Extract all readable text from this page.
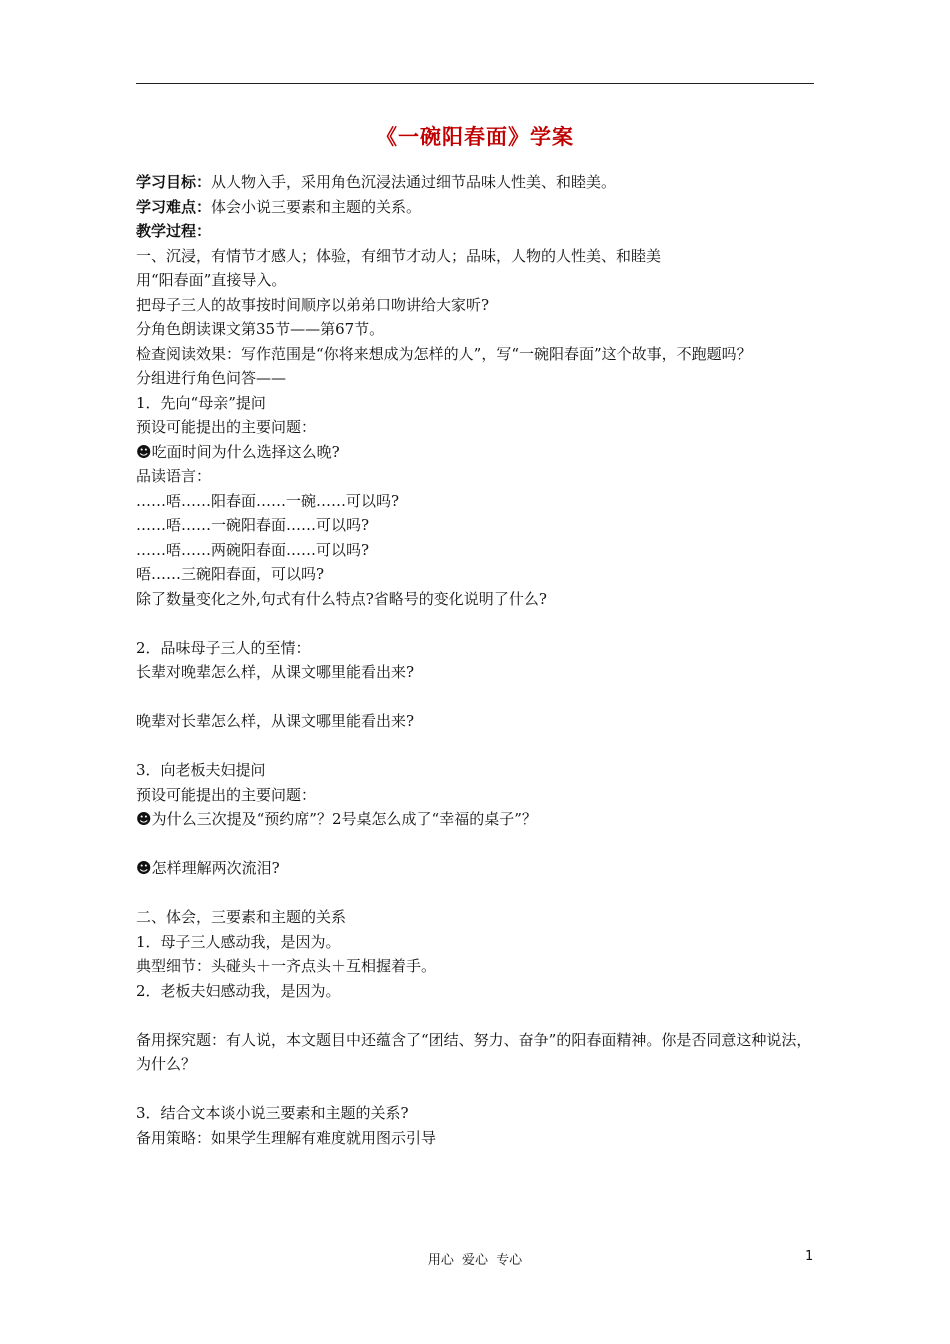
《一碗阳春面》学案
学习目标：从人物入手，采用角色沉浸法通过细节品味人性美、和睦美。
学习难点：体会小说三要素和主题的关系。
教学过程：
一、沉浸，有情节才感人；体验，有细节才动人；品味，人物的人性美、和睦美
用“阳春面”直接导入。
把母子三人的故事按时间顺序以弟弟口吻讲给大家听?
分角色朗读课文第35节——第67节。
检查阅读效果：写作范围是“你将来想成为怎样的人”，写“一碗阳春面”这个故事，不跑题吗？
分组进行角色问答——
1．先向“母亲”提问
预设可能提出的主要问题：
☻吃面时间为什么选择这么晚?
品读语言：
……唔……阳春面……一碗……可以吗?
……唔……一碗阳春面……可以吗?
……唔……两碗阳春面……可以吗?
唔……三碗阳春面，可以吗?
除了数量变化之外,句式有什么特点?省略号的变化说明了什么?
2．品味母子三人的至情：
长辈对晚辈怎么样，从课文哪里能看出来?
晚辈对长辈怎么样，从课文哪里能看出来?
3．向老板夫妇提问
预设可能提出的主要问题：
☻为什么三次提及“预约席”？2号桌怎么成了“幸福的桌子”？
☻怎样理解两次流泪?
二、体会，三要素和主题的关系
1．母子三人感动我，是因为。
典型细节：头碰头＋一齐点头＋互相握着手。
2．老板夫妇感动我，是因为。
备用探究题：有人说，本文题目中还蕴含了“团结、努力、奋争”的阳春面精神。你是否同意这种说法，为什么？
3．结合文本谈小说三要素和主题的关系?
备用策略：如果学生理解有难度就用图示引导
用心 爱心 专心	1
